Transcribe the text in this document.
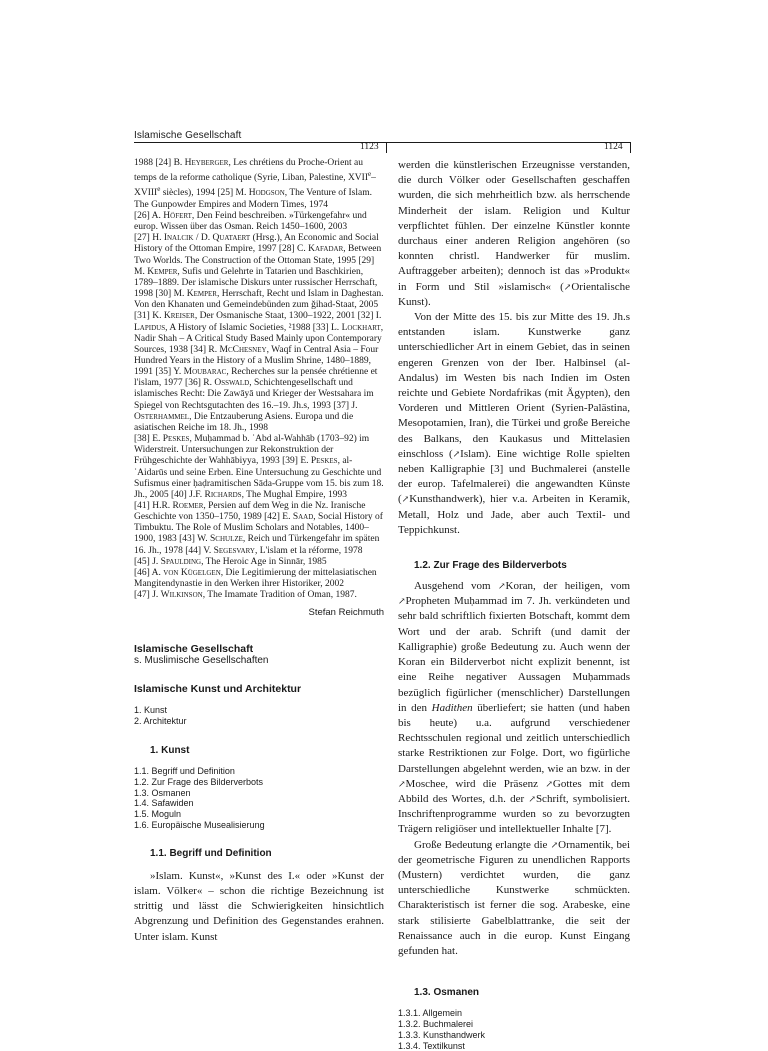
Islamische Gesellschaft
1123	1124

1988 [24] B. Heyberger, Les chrétiens du Proche-Orient au temps de la reforme catholique (Syrie, Liban, Palestine, XVIIe–XVIIIe siècles), 1994 [25] M. Hodgson, The Venture of Islam. The Gunpowder Empires and Modern Times, 1974

[26] A. Höfert, Den Feind beschreiben. »Türkengefahr« und europ. Wissen über das Osman. Reich 1450–1600, 2003

[27] H. Inalcik / D. Quataert (Hrsg.), An Economic and Social History of the Ottoman Empire, 1997 [28] C. Kafadar, Between Two Worlds. The Construction of the Ottoman State, 1995 [29] M. Kemper, Sufis und Gelehrte in Tatarien und Baschkirien, 1789–1889. Der islamische Diskurs unter russischer Herrschaft, 1998 [30] M. Kemper, Herrschaft, Recht und Islam in Daghestan. Von den Khanaten und Gemeindebünden zum ǧihad-Staat, 2005 [31] K. Kreiser, Der Osmanische Staat, 1300–1922, 2001 [32] I. Lapidus, A History of Islamic Societies, ²1988 [33] L. Lockhart, Nadir Shah – A Critical Study Based Mainly upon Contemporary Sources, 1938 [34] R. McChesney, Waqf in Central Asia – Four Hundred Years in the History of a Muslim Shrine, 1480–1889, 1991 [35] Y. Moubarac, Recherches sur la pensée chrétienne et l'islam, 1977 [36] R. Osswald, Schichtengesellschaft und islamisches Recht: Die Zawāyā und Krieger der Westsahara im Spiegel von Rechtsgutachten des 16.–19. Jh.s, 1993 [37] J. Osterhammel, Die Entzauberung Asiens. Europa und die asiatischen Reiche im 18. Jh., 1998

[38] E. Peskes, Muḥammad b. ʿAbd al-Wahhāb (1703–92) im Widerstreit. Untersuchungen zur Rekonstruktion der Frühgeschichte der Wahhābiyya, 1993 [39] E. Peskes, al-ʿAidarūs und seine Erben. Eine Untersuchung zu Geschichte und Sufismus einer ḥaḍramitischen Sāda-Gruppe vom 15. bis zum 18. Jh., 2005 [40] J.F. Richards, The Mughal Empire, 1993

[41] H.R. Roemer, Persien auf dem Weg in die Nz. Iranische Geschichte von 1350–1750, 1989 [42] E. Saad, Social History of Timbuktu. The Role of Muslim Scholars and Notables, 1400–1900, 1983 [43] W. Schulze, Reich und Türkengefahr im späten 16. Jh., 1978 [44] V. Segesvary, L'islam et la réforme, 1978

[45] J. Spaulding, The Heroic Age in Sinnār, 1985

[46] A. von Kügelgen, Die Legitimierung der mittelasiatischen Mangitendynastie in den Werken ihrer Historiker, 2002

[47] J. Wilkinson, The Imamate Tradition of Oman, 1987.

Stefan Reichmuth
Islamische Gesellschaft
s. Muslimische Gesellschaften
Islamische Kunst und Architektur
1. Kunst
2. Architektur
1. Kunst
1.1. Begriff und Definition
1.2. Zur Frage des Bilderverbots
1.3. Osmanen
1.4. Safawiden
1.5. Moguln
1.6. Europäische Musealisierung
1.1. Begriff und Definition

»Islam. Kunst«, »Kunst des I.« oder »Kunst der islam. Völker« – schon die richtige Bezeichnung ist strittig und lässt die Schwierigkeiten hinsichtlich Abgrenzung und Definition des Gegenstandes erahnen. Unter islam. Kunst

werden die künstlerischen Erzeugnisse verstanden, die durch Völker oder Gesellschaften geschaffen wurden, die sich mehrheitlich bzw. als herrschende Minderheit der islam. Religion und Kultur verpflichtet fühlen. Der einzelne Künstler konnte durchaus einer anderen Religion angehören (so konnten christl. Handwerker für muslim. Auftraggeber arbeiten); dennoch ist das »Produkt« in Form und Stil »islamisch« (↗Orientalische Kunst).

Von der Mitte des 15. bis zur Mitte des 19. Jh.s entstanden islam. Kunstwerke ganz unterschiedlicher Art in einem Gebiet, das in seinen engeren Grenzen von der Iber. Halbinsel (al-Andalus) im Westen bis nach Indien im Osten reichte und Gebiete Nordafrikas (mit Ägypten), den Vorderen und Mittleren Orient (Syrien-Palästina, Mesopotamien, Iran), die Türkei und große Bereiche des Balkans, den Kaukasus und Mittelasien einschloss (↗Islam). Eine wichtige Rolle spielten neben Kalligraphie [3] und Buchmalerei (anstelle der europ. Tafelmalerei) die angewandten Künste (↗Kunsthandwerk), hier v.a. Arbeiten in Keramik, Metall, Holz und Jade, aber auch Textil- und Teppichkunst.

1.2. Zur Frage des Bilderverbots

Ausgehend vom ↗Koran, der heiligen, vom ↗Propheten Muḥammad im 7. Jh. verkündeten und sehr bald schriftlich fixierten Botschaft, kommt dem Wort und der arab. Schrift (und damit der Kalligraphie) große Bedeutung zu. Auch wenn der Koran ein Bilderverbot nicht explizit benennt, ist eine Reihe negativer Aussagen Muḥammads bezüglich figürlicher (menschlicher) Darstellungen in den Hadithen überliefert; sie hatten (und haben bis heute) u.a. aufgrund verschiedener Rechtsschulen regional und zeitlich unterschiedlich starke Restriktionen zur Folge. Dort, wo figürliche Darstellungen abgelehnt werden, wie an bzw. in der ↗Moschee, wird die Präsenz ↗Gottes mit dem Abbild des Wortes, d.h. der ↗Schrift, symbolisiert. Inschriftenprogramme wurden so zu bevorzugten Trägern religiöser und intellektueller Inhalte [7].

Große Bedeutung erlangte die ↗Ornamentik, bei der geometrische Figuren zu unendlichen Rapports (Mustern) verdichtet wurden, die ganz unterschiedliche Kunstwerke schmückten. Charakteristisch ist ferner die sog. Arabeske, eine stark stilisierte Gabelblattranke, die seit der Renaissance auch in die europ. Kunst Eingang gefunden hat.

1.3. Osmanen
1.3.1. Allgemein
1.3.2. Buchmalerei
1.3.3. Kunsthandwerk
1.3.4. Textilkunst
